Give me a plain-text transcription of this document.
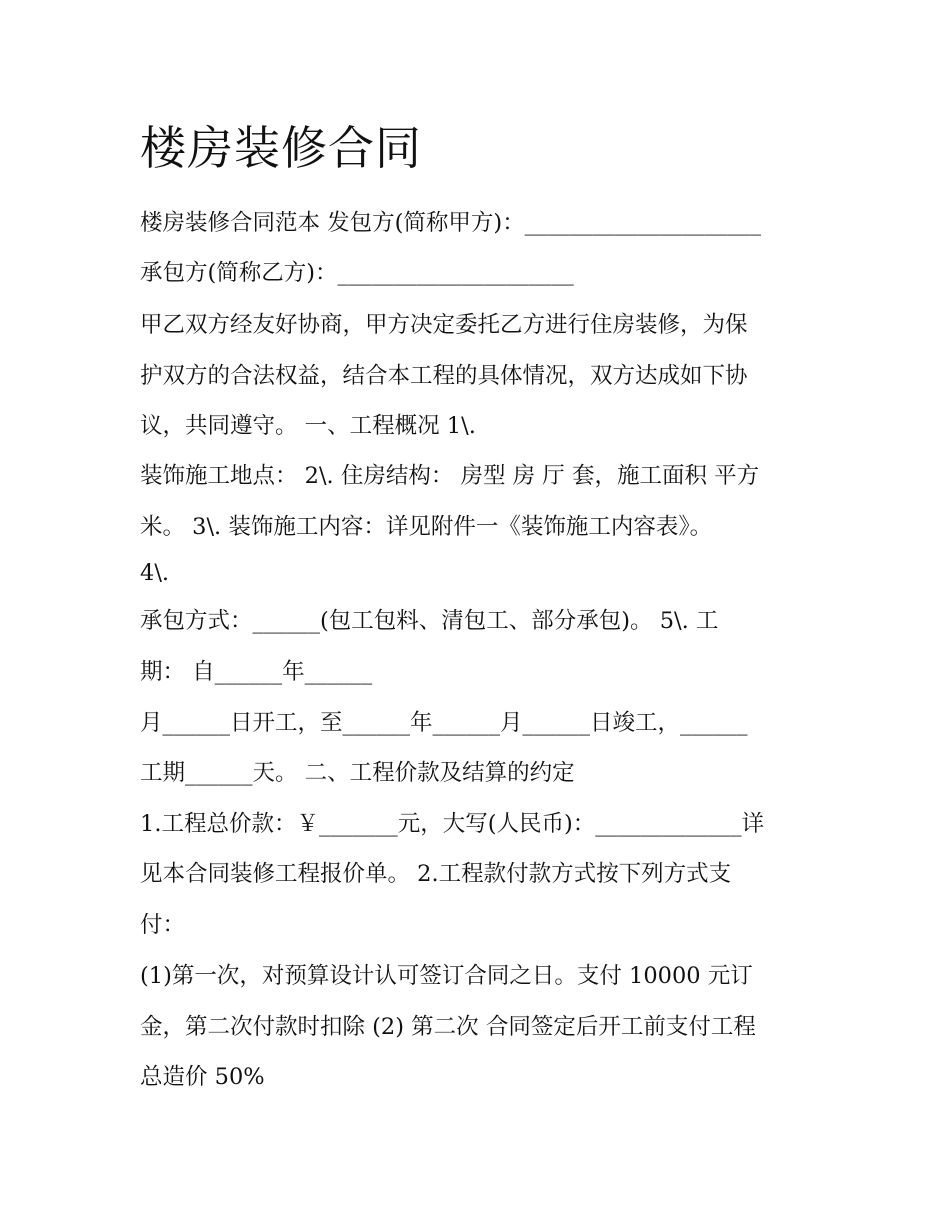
楼房装修合同

楼房装修合同范本 发包方(简称甲方)：_____________________

承包方(简称乙方)：_____________________

甲乙双方经友好协商，甲方决定委托乙方进行住房装修，为保

护双方的合法权益，结合本工程的具体情况，双方达成如下协

议，共同遵守。 一、工程概况 1\.

装饰施工地点： 2\. 住房结构： 房型 房 厅 套，施工面积 平方

米。 3\. 装饰施工内容：详见附件一《装饰施工内容表》。

4\.

承包方式：______(包工包料、清包工、部分承包)。 5\. 工

期： 自______年______

月______日开工，至______年______月______日竣工，______

工期______天。 二、工程价款及结算的约定

1.工程总价款：￥_______元，大写(人民币)：_____________详

见本合同装修工程报价单。 2.工程款付款方式按下列方式支

付：

(1)第一次，对预算设计认可签订合同之日。支付 10000 元订

金，第二次付款时扣除 (2) 第二次 合同签定后开工前支付工程

总造价 50%
